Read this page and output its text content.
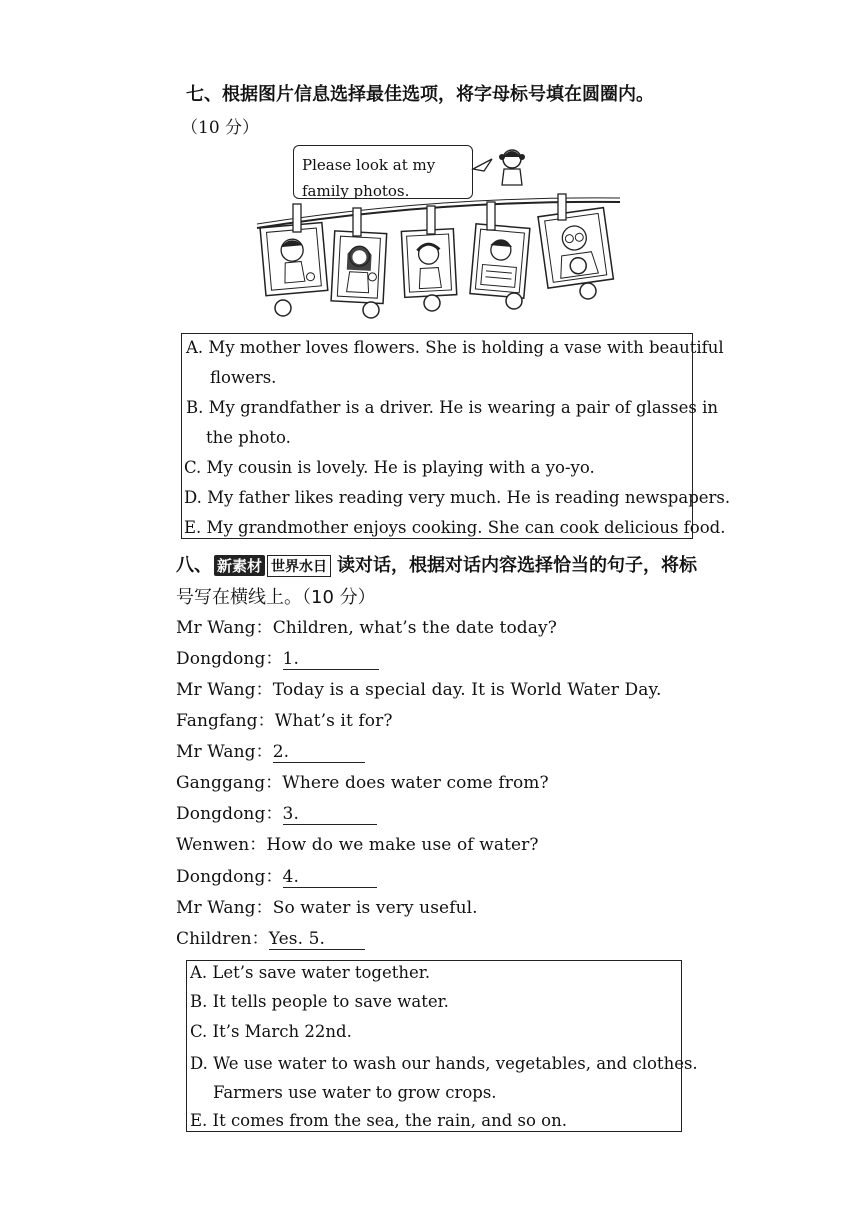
七、根据图片信息选择最佳选项，将字母标号填在圆圈内。
（10 分）
Please look at my family photos.
A. My mother loves flowers. She is holding a vase with beautiful
flowers.
B. My grandfather is a driver. He is wearing a pair of glasses in
the photo.
C. My cousin is lovely. He is playing with a yo-yo.
D. My father likes reading very much. He is reading newspapers.
E. My grandmother enjoys cooking. She can cook delicious food.
八、 新素材 世界水日 读对话，根据对话内容选择恰当的句子，将标
号写在横线上。（10 分）
Mr Wang：Children, what’s the date today?
Dongdong：1.
Mr Wang：Today is a special day. It is World Water Day.
Fangfang：What’s it for?
Mr Wang：2.
Ganggang：Where does water come from?
Dongdong：3.
Wenwen：How do we make use of water?
Dongdong：4.
Mr Wang：So water is very useful.
Children：Yes. 5.
A. Let’s save water together.
B. It tells people to save water.
C. It’s March 22nd.
D. We use water to wash our hands, vegetables, and clothes.
Farmers use water to grow crops.
E. It comes from the sea, the rain, and so on.
